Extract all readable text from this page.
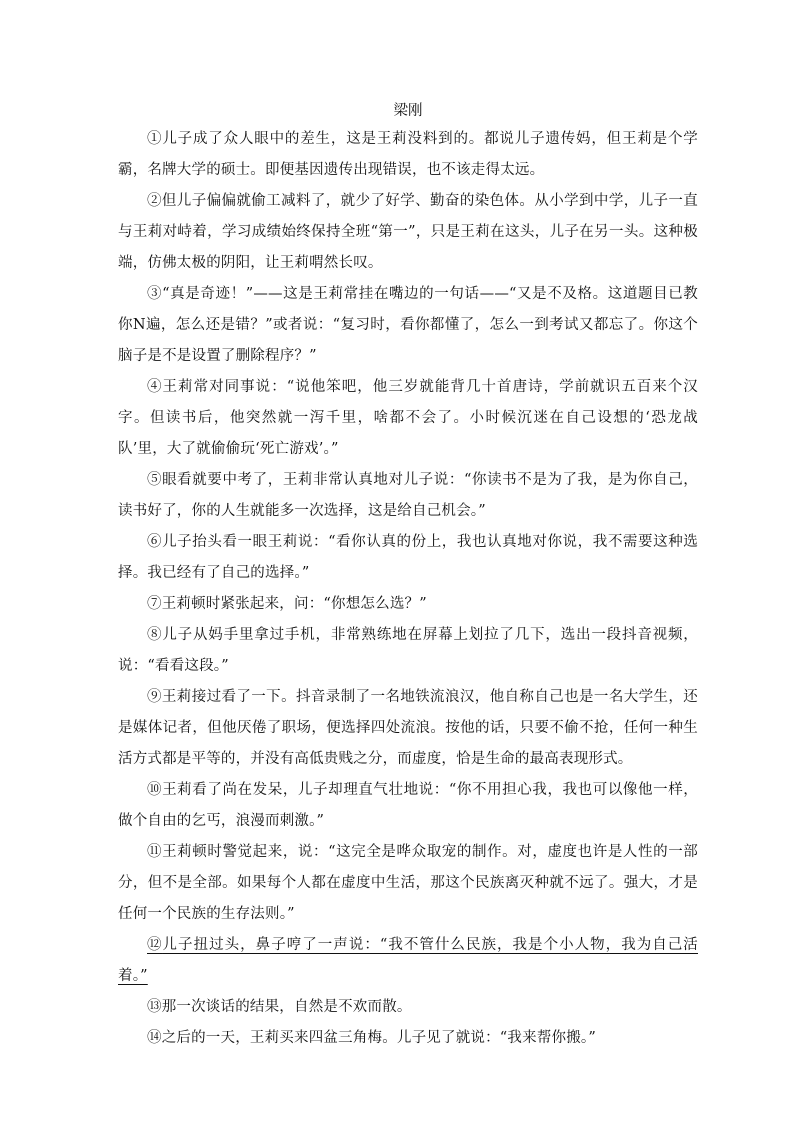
梁刚

①儿子成了众人眼中的差生，这是王莉没料到的。都说儿子遗传妈，但王莉是个学霸，名牌大学的硕士。即便基因遗传出现错误，也不该走得太远。

②但儿子偏偏就偷工减料了，就少了好学、勤奋的染色体。从小学到中学，儿子一直与王莉对峙着，学习成绩始终保持全班“第一”，只是王莉在这头，儿子在另一头。这种极端，仿佛太极的阴阳，让王莉喟然长叹。

③“真是奇迹！”——这是王莉常挂在嘴边的一句话——“又是不及格。这道题目已教你N遍，怎么还是错？”或者说：“复习时，看你都懂了，怎么一到考试又都忘了。你这个脑子是不是设置了删除程序？”

④王莉常对同事说：“说他笨吧，他三岁就能背几十首唐诗，学前就识五百来个汉字。但读书后，他突然就一泻千里，啥都不会了。小时候沉迷在自己设想的‘恐龙战队’里，大了就偷偷玩‘死亡游戏’。”

⑤眼看就要中考了，王莉非常认真地对儿子说：“你读书不是为了我，是为你自己，读书好了，你的人生就能多一次选择，这是给自己机会。”

⑥儿子抬头看一眼王莉说：“看你认真的份上，我也认真地对你说，我不需要这种选择。我已经有了自己的选择。”

⑦王莉顿时紧张起来，问：“你想怎么选？”

⑧儿子从妈手里拿过手机，非常熟练地在屏幕上划拉了几下，选出一段抖音视频，说：“看看这段。”

⑨王莉接过看了一下。抖音录制了一名地铁流浪汉，他自称自己也是一名大学生，还是媒体记者，但他厌倦了职场，便选择四处流浪。按他的话，只要不偷不抢，任何一种生活方式都是平等的，并没有高低贵贱之分，而虚度，恰是生命的最高表现形式。

⑩王莉看了尚在发呆，儿子却理直气壮地说：“你不用担心我，我也可以像他一样，做个自由的乞丐，浪漫而刺激。”

⑪王莉顿时警觉起来，说：“这完全是哗众取宠的制作。对，虚度也许是人性的一部分，但不是全部。如果每个人都在虚度中生活，那这个民族离灭种就不远了。强大，才是任何一个民族的生存法则。”

⑫儿子扭过头，鼻子哼了一声说：“我不管什么民族，我是个小人物，我为自己活着。”

⑬那一次谈话的结果，自然是不欢而散。

⑭之后的一天，王莉买来四盆三角梅。儿子见了就说：“我来帮你搬。”
